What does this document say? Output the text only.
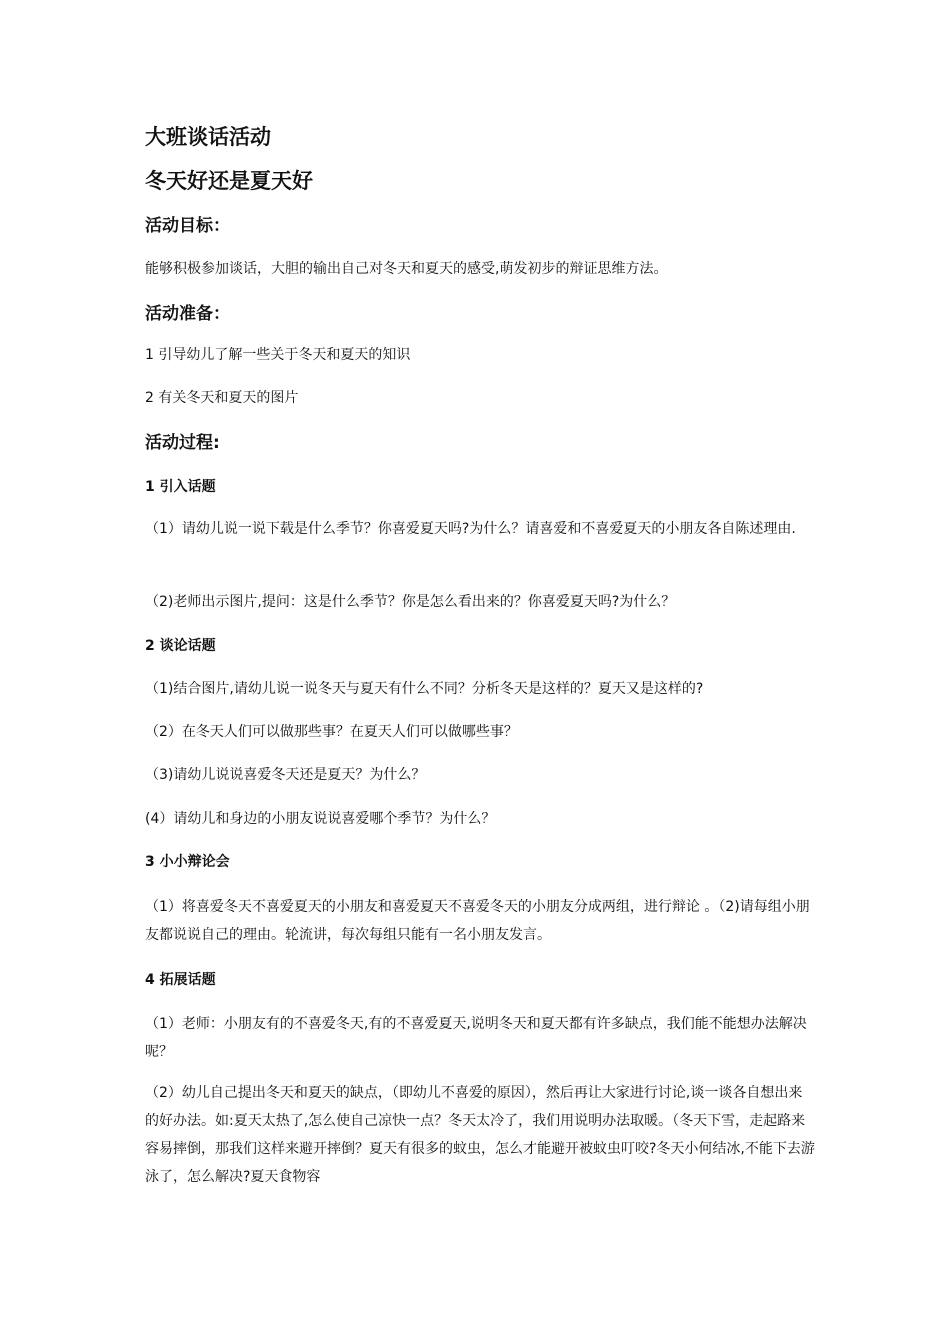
大班谈话活动
冬天好还是夏天好
活动目标：
能够积极参加谈话，大胆的输出自己对冬天和夏天的感受,萌发初步的辩证思维方法。
活动准备：
1 引导幼儿了解一些关于冬天和夏天的知识
2 有关冬天和夏天的图片
活动过程:
1 引入话题
（1）请幼儿说一说下载是什么季节？你喜爱夏天吗?为什么？请喜爱和不喜爱夏天的小朋友各自陈述理由.
（2)老师出示图片,提问：这是什么季节？你是怎么看出来的？你喜爱夏天吗?为什么？
2 谈论话题
（1)结合图片,请幼儿说一说冬天与夏天有什么不同？分析冬天是这样的？夏天又是这样的?
（2）在冬天人们可以做那些事？在夏天人们可以做哪些事？
（3)请幼儿说说喜爱冬天还是夏天？为什么？
(4）请幼儿和身边的小朋友说说喜爱哪个季节？为什么？
3 小小辩论会
（1）将喜爱冬天不喜爱夏天的小朋友和喜爱夏天不喜爱冬天的小朋友分成两组，进行辩论 。（2)请每组小朋友都说说自己的理由。轮流讲，每次每组只能有一名小朋友发言。
4 拓展话题
（1）老师：小朋友有的不喜爱冬天,有的不喜爱夏天,说明冬天和夏天都有许多缺点，我们能不能想办法解决呢？
（2）幼儿自己提出冬天和夏天的缺点，（即幼儿不喜爱的原因），然后再让大家进行讨论,谈一谈各自想出来的好办法。如:夏天太热了,怎么使自己凉快一点？冬天太冷了，我们用说明办法取暖。（冬天下雪，走起路来容易摔倒，那我们这样来避开摔倒？夏天有很多的蚊虫，怎么才能避开被蚊虫叮咬?冬天小何结冰,不能下去游泳了，怎么解决?夏天食物容
